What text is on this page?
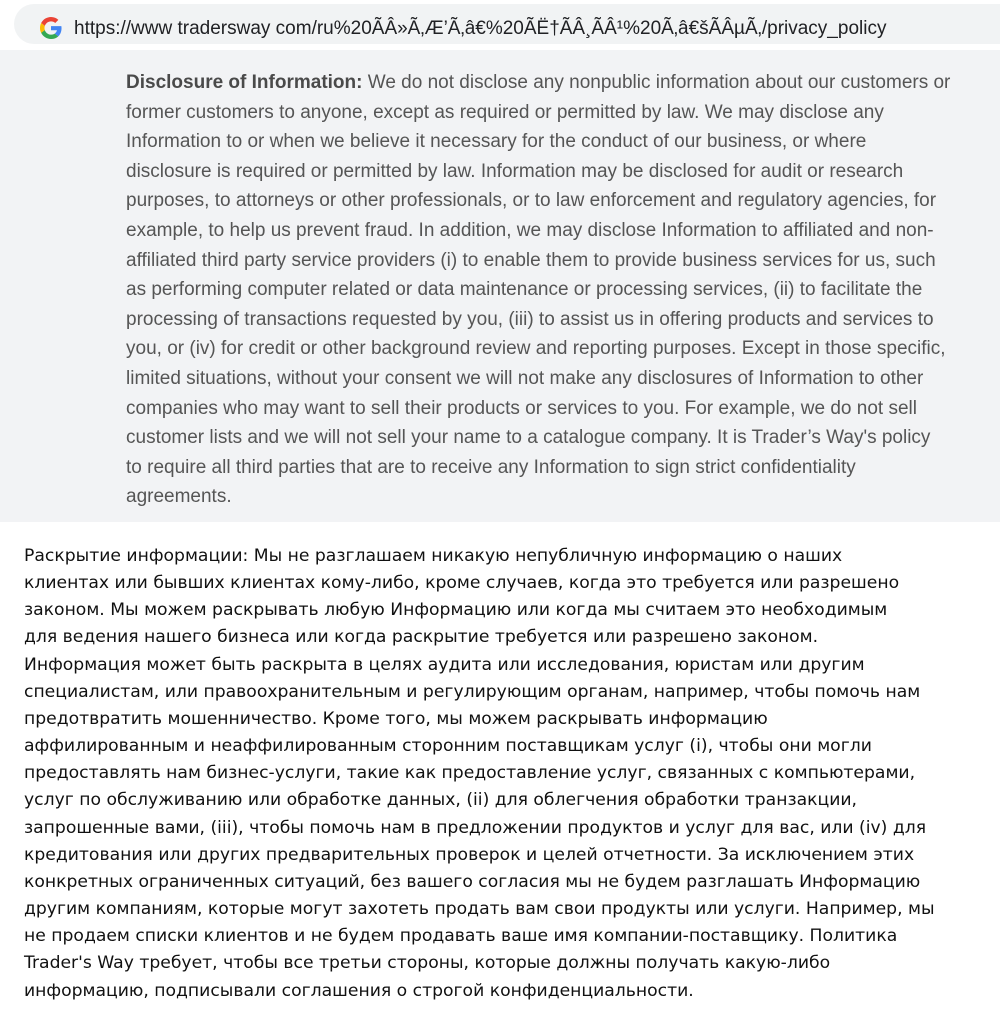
https://www tradersway com/ru%20ÃÂ»Ã‚Æ’Ã‚â€%20ÃË†ÃÂ¸ÃÂ¹%20Ã‚â€šÃÂµÃ‚/privacy_policy
Disclosure of Information: We do not disclose any nonpublic information about our customers or
former customers to anyone, except as required or permitted by law. We may disclose any
Information to or when we believe it necessary for the conduct of our business, or where
disclosure is required or permitted by law. Information may be disclosed for audit or research
purposes, to attorneys or other professionals, or to law enforcement and regulatory agencies, for
example, to help us prevent fraud. In addition, we may disclose Information to affiliated and non-
affiliated third party service providers (i) to enable them to provide business services for us, such
as performing computer related or data maintenance or processing services, (ii) to facilitate the
processing of transactions requested by you, (iii) to assist us in offering products and services to
you, or (iv) for credit or other background review and reporting purposes. Except in those specific,
limited situations, without your consent we will not make any disclosures of Information to other
companies who may want to sell their products or services to you. For example, we do not sell
customer lists and we will not sell your name to a catalogue company. It is Trader’s Way's policy
to require all third parties that are to receive any Information to sign strict confidentiality
agreements.
Раскрытие информации: Мы не разглашаем никакую непубличную информацию о наших
клиентах или бывших клиентах кому-либо, кроме случаев, когда это требуется или разрешено
законом. Мы можем раскрывать любую Информацию или когда мы считаем это необходимым
для ведения нашего бизнеса или когда раскрытие требуется или разрешено законом.
Информация может быть раскрыта в целях аудита или исследования, юристам или другим
специалистам, или правоохранительным и регулирующим органам, например, чтобы помочь нам
предотвратить мошенничество. Кроме того, мы можем раскрывать информацию
аффилированным и неаффилированным сторонним поставщикам услуг (i), чтобы они могли
предоставлять нам бизнес-услуги, такие как предоставление услуг, связанных с компьютерами,
услуг по обслуживанию или обработке данных, (ii) для облегчения обработки транзакции,
запрошенные вами, (iii), чтобы помочь нам в предложении продуктов и услуг для вас, или (iv) для
кредитования или других предварительных проверок и целей отчетности. За исключением этих
конкретных ограниченных ситуаций, без вашего согласия мы не будем разглашать Информацию
другим компаниям, которые могут захотеть продать вам свои продукты или услуги. Например, мы
не продаем списки клиентов и не будем продавать ваше имя компании-поставщику. Политика
Trader's Way требует, чтобы все третьи стороны, которые должны получать какую-либо
информацию, подписывали соглашения о строгой конфиденциальности.
